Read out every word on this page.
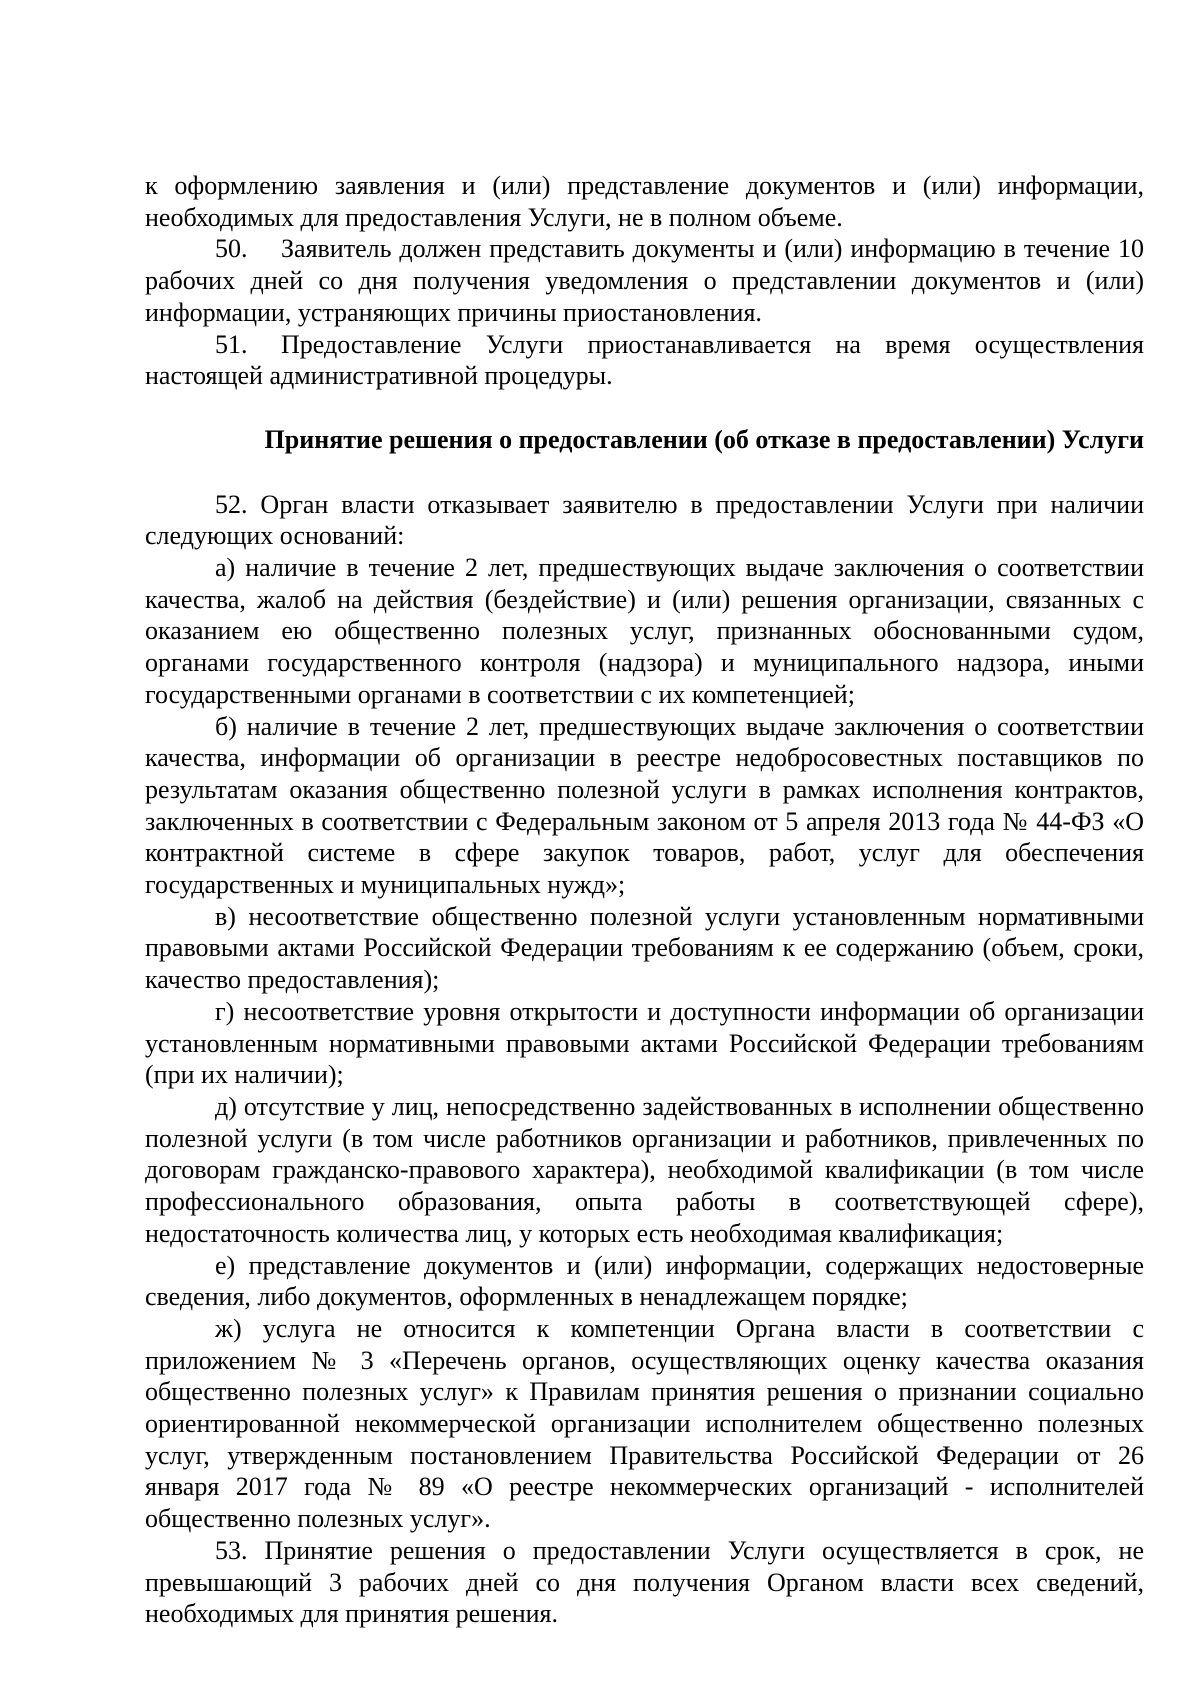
к оформлению заявления и (или) представление документов и (или) информации, необходимых для предоставления Услуги, не в полном объеме.

50. Заявитель должен представить документы и (или) информацию в течение 10 рабочих дней со дня получения уведомления о представлении документов и (или) информации, устраняющих причины приостановления.

51. Предоставление Услуги приостанавливается на время осуществления настоящей административной процедуры.

Принятие решения о предоставлении (об отказе в предоставлении) Услуги

52. Орган власти отказывает заявителю в предоставлении Услуги при наличии следующих оснований:

а) наличие в течение 2 лет, предшествующих выдаче заключения о соответствии качества, жалоб на действия (бездействие) и (или) решения организации, связанных с оказанием ею общественно полезных услуг, признанных обоснованными судом, органами государственного контроля (надзора) и муниципального надзора, иными государственными органами в соответствии с их компетенцией;

б) наличие в течение 2 лет, предшествующих выдаче заключения о соответствии качества, информации об организации в реестре недобросовестных поставщиков по результатам оказания общественно полезной услуги в рамках исполнения контрактов, заключенных в соответствии с Федеральным законом от 5 апреля 2013 года № 44-ФЗ «О контрактной системе в сфере закупок товаров, работ, услуг для обеспечения государственных и муниципальных нужд»;

в) несоответствие общественно полезной услуги установленным нормативными правовыми актами Российской Федерации требованиям к ее содержанию (объем, сроки, качество предоставления);

г) несоответствие уровня открытости и доступности информации об организации установленным нормативными правовыми актами Российской Федерации требованиям (при их наличии);

д) отсутствие у лиц, непосредственно задействованных в исполнении общественно полезной услуги (в том числе работников организации и работников, привлеченных по договорам гражданско-правового характера), необходимой квалификации (в том числе профессионального образования, опыта работы в соответствующей сфере), недостаточность количества лиц, у которых есть необходимая квалификация;

е) представление документов и (или) информации, содержащих недостоверные сведения, либо документов, оформленных в ненадлежащем порядке;

ж) услуга не относится к компетенции Органа власти в соответствии с приложением № 3 «Перечень органов, осуществляющих оценку качества оказания общественно полезных услуг» к Правилам принятия решения о признании социально ориентированной некоммерческой организации исполнителем общественно полезных услуг, утвержденным постановлением Правительства Российской Федерации от 26 января 2017 года № 89 «О реестре некоммерческих организаций - исполнителей общественно полезных услуг».

53. Принятие решения о предоставлении Услуги осуществляется в срок, не превышающий 3 рабочих дней со дня получения Органом власти всех сведений, необходимых для принятия решения.
